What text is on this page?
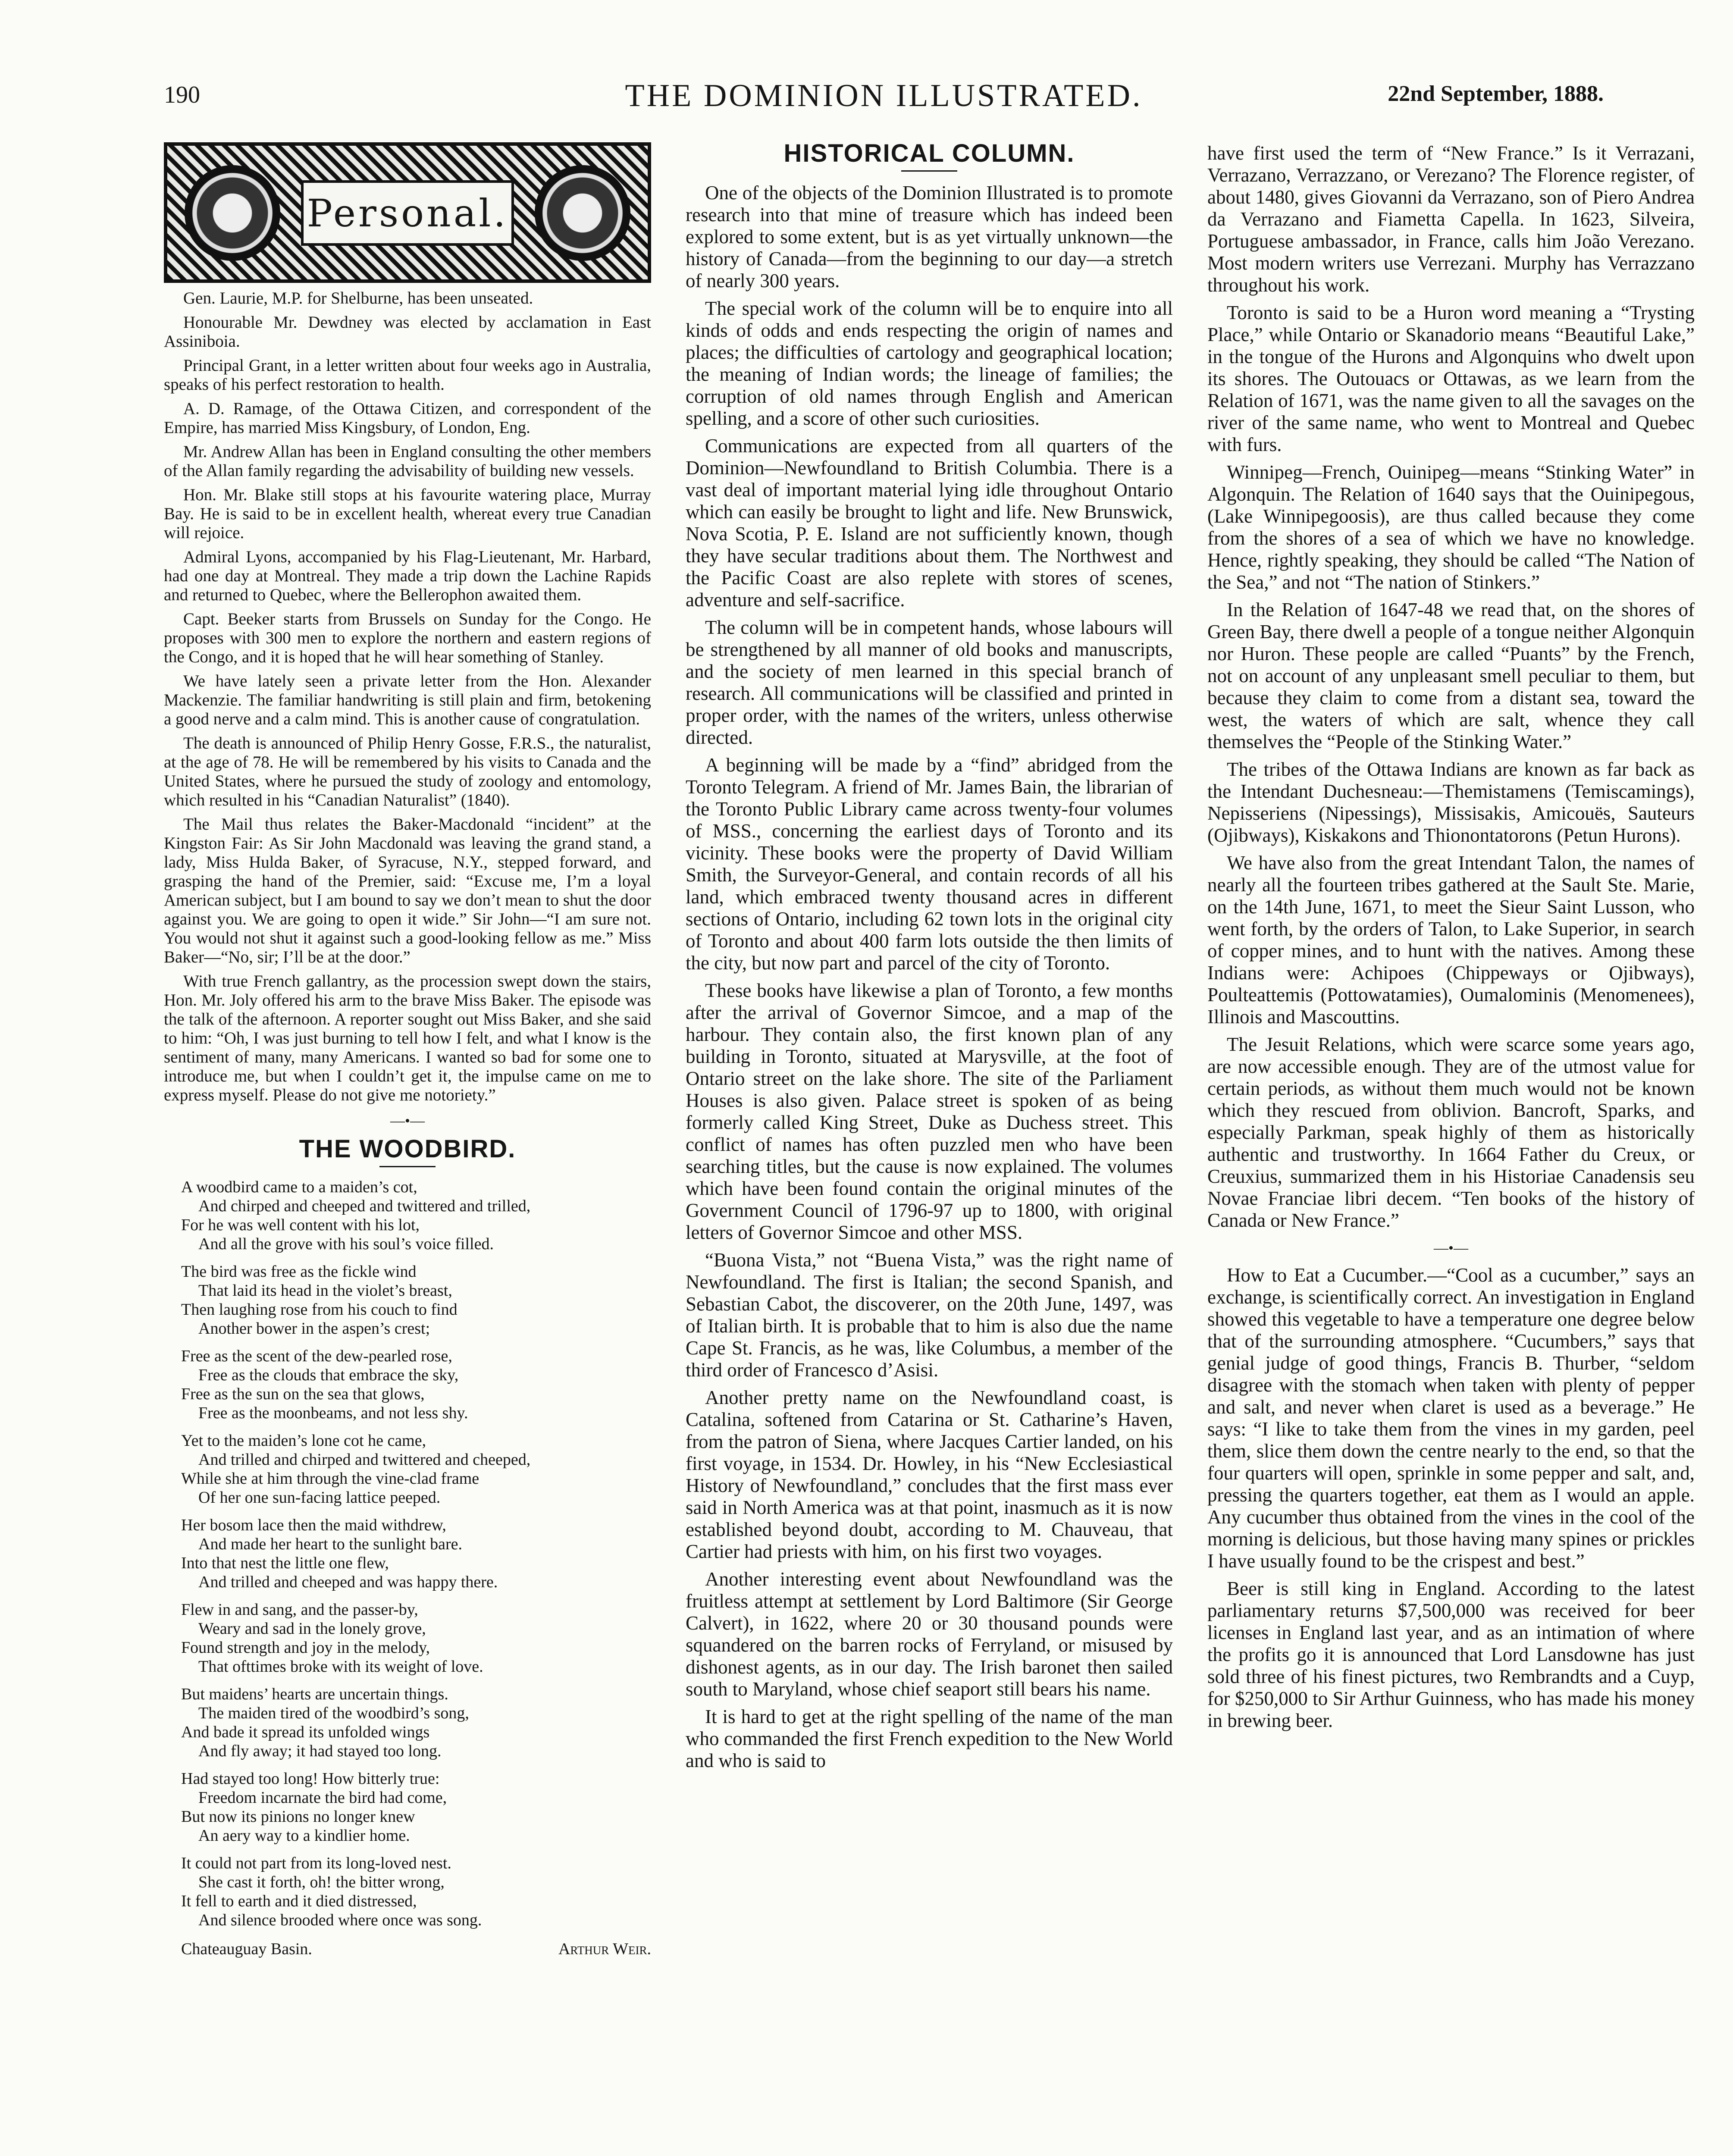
190	THE DOMINION ILLUSTRATED.	22nd September, 1888.
Personal.

Gen. Laurie, M.P. for Shelburne, has been unseated.

Honourable Mr. Dewdney was elected by acclamation in East Assiniboia.

Principal Grant, in a letter written about four weeks ago in Australia, speaks of his perfect restoration to health.

A. D. Ramage, of the Ottawa Citizen, and correspondent of the Empire, has married Miss Kingsbury, of London, Eng.

Mr. Andrew Allan has been in England consulting the other members of the Allan family regarding the advisability of building new vessels.

Hon. Mr. Blake still stops at his favourite watering place, Murray Bay. He is said to be in excellent health, whereat every true Canadian will rejoice.

Admiral Lyons, accompanied by his Flag-Lieutenant, Mr. Harbard, had one day at Montreal. They made a trip down the Lachine Rapids and returned to Quebec, where the Bellerophon awaited them.

Capt. Beeker starts from Brussels on Sunday for the Congo. He proposes with 300 men to explore the northern and eastern regions of the Congo, and it is hoped that he will hear something of Stanley.

We have lately seen a private letter from the Hon. Alexander Mackenzie. The familiar handwriting is still plain and firm, betokening a good nerve and a calm mind. This is another cause of congratulation.

The death is announced of Philip Henry Gosse, F.R.S., the naturalist, at the age of 78. He will be remembered by his visits to Canada and the United States, where he pursued the study of zoology and entomology, which resulted in his “Canadian Naturalist” (1840).

The Mail thus relates the Baker-Macdonald “incident” at the Kingston Fair: As Sir John Macdonald was leaving the grand stand, a lady, Miss Hulda Baker, of Syracuse, N.Y., stepped forward, and grasping the hand of the Premier, said: “Excuse me, I’m a loyal American subject, but I am bound to say we don’t mean to shut the door against you. We are going to open it wide.” Sir John—“I am sure not. You would not shut it against such a good-looking fellow as me.” Miss Baker—“No, sir; I’ll be at the door.”

With true French gallantry, as the procession swept down the stairs, Hon. Mr. Joly offered his arm to the brave Miss Baker. The episode was the talk of the afternoon. A reporter sought out Miss Baker, and she said to him: “Oh, I was just burning to tell how I felt, and what I know is the sentiment of many, many Americans. I wanted so bad for some one to introduce me, but when I couldn’t get it, the impulse came on me to express myself. Please do not give me notoriety.”

—•—
THE WOODBIRD.
A woodbird came to a maiden’s cot,
And chirped and cheeped and twittered and trilled,
For he was well content with his lot,
And all the grove with his soul’s voice filled.
The bird was free as the fickle wind
That laid its head in the violet’s breast,
Then laughing rose from his couch to find
Another bower in the aspen’s crest;
Free as the scent of the dew-pearled rose,
Free as the clouds that embrace the sky,
Free as the sun on the sea that glows,
Free as the moonbeams, and not less shy.
Yet to the maiden’s lone cot he came,
And trilled and chirped and twittered and cheeped,
While she at him through the vine-clad frame
Of her one sun-facing lattice peeped.
Her bosom lace then the maid withdrew,
And made her heart to the sunlight bare.
Into that nest the little one flew,
And trilled and cheeped and was happy there.
Flew in and sang, and the passer-by,
Weary and sad in the lonely grove,
Found strength and joy in the melody,
That ofttimes broke with its weight of love.
But maidens’ hearts are uncertain things.
The maiden tired of the woodbird’s song,
And bade it spread its unfolded wings
And fly away; it had stayed too long.
Had stayed too long! How bitterly true:
Freedom incarnate the bird had come,
But now its pinions no longer knew
An aery way to a kindlier home.
It could not part from its long-loved nest.
She cast it forth, oh! the bitter wrong,
It fell to earth and it died distressed,
And silence brooded where once was song.
Chateauguay Basin.	Arthur Weir.
HISTORICAL COLUMN.

One of the objects of the Dominion Illustrated is to promote research into that mine of treasure which has indeed been explored to some extent, but is as yet virtually unknown—the history of Canada—from the beginning to our day—a stretch of nearly 300 years.

The special work of the column will be to enquire into all kinds of odds and ends respecting the origin of names and places; the difficulties of cartology and geographical location; the meaning of Indian words; the lineage of families; the corruption of old names through English and American spelling, and a score of other such curiosities.

Communications are expected from all quarters of the Dominion—Newfoundland to British Columbia. There is a vast deal of important material lying idle throughout Ontario which can easily be brought to light and life. New Brunswick, Nova Scotia, P. E. Island are not sufficiently known, though they have secular traditions about them. The Northwest and the Pacific Coast are also replete with stores of scenes, adventure and self-sacrifice.

The column will be in competent hands, whose labours will be strengthened by all manner of old books and manuscripts, and the society of men learned in this special branch of research. All communications will be classified and printed in proper order, with the names of the writers, unless otherwise directed.

A beginning will be made by a “find” abridged from the Toronto Telegram. A friend of Mr. James Bain, the librarian of the Toronto Public Library came across twenty-four volumes of MSS., concerning the earliest days of Toronto and its vicinity. These books were the property of David William Smith, the Surveyor-General, and contain records of all his land, which embraced twenty thousand acres in different sections of Ontario, including 62 town lots in the original city of Toronto and about 400 farm lots outside the then limits of the city, but now part and parcel of the city of Toronto.

These books have likewise a plan of Toronto, a few months after the arrival of Governor Simcoe, and a map of the harbour. They contain also, the first known plan of any building in Toronto, situated at Marysville, at the foot of Ontario street on the lake shore. The site of the Parliament Houses is also given. Palace street is spoken of as being formerly called King Street, Duke as Duchess street. This conflict of names has often puzzled men who have been searching titles, but the cause is now explained. The volumes which have been found contain the original minutes of the Government Council of 1796-97 up to 1800, with original letters of Governor Simcoe and other MSS.

“Buona Vista,” not “Buena Vista,” was the right name of Newfoundland. The first is Italian; the second Spanish, and Sebastian Cabot, the discoverer, on the 20th June, 1497, was of Italian birth. It is probable that to him is also due the name Cape St. Francis, as he was, like Columbus, a member of the third order of Francesco d’Asisi.

Another pretty name on the Newfoundland coast, is Catalina, softened from Catarina or St. Catharine’s Haven, from the patron of Siena, where Jacques Cartier landed, on his first voyage, in 1534. Dr. Howley, in his “New Ecclesiastical History of Newfoundland,” concludes that the first mass ever said in North America was at that point, inasmuch as it is now established beyond doubt, according to M. Chauveau, that Cartier had priests with him, on his first two voyages.

Another interesting event about Newfoundland was the fruitless attempt at settlement by Lord Baltimore (Sir George Calvert), in 1622, where 20 or 30 thousand pounds were squandered on the barren rocks of Ferryland, or misused by dishonest agents, as in our day. The Irish baronet then sailed south to Maryland, whose chief seaport still bears his name.

It is hard to get at the right spelling of the name of the man who commanded the first French expedition to the New World and who is said to

have first used the term of “New France.” Is it Verrazani, Verrazano, Verrazzano, or Verezano? The Florence register, of about 1480, gives Giovanni da Verrazano, son of Piero Andrea da Verrazano and Fiametta Capella. In 1623, Silveira, Portuguese ambassador, in France, calls him João Verezano. Most modern writers use Verrezani. Murphy has Verrazzano throughout his work.

Toronto is said to be a Huron word meaning a “Trysting Place,” while Ontario or Skanadorio means “Beautiful Lake,” in the tongue of the Hurons and Algonquins who dwelt upon its shores. The Outouacs or Ottawas, as we learn from the Relation of 1671, was the name given to all the savages on the river of the same name, who went to Montreal and Quebec with furs.

Winnipeg—French, Ouinipeg—means “Stinking Water” in Algonquin. The Relation of 1640 says that the Ouinipegous, (Lake Winnipegoosis), are thus called because they come from the shores of a sea of which we have no knowledge. Hence, rightly speaking, they should be called “The Nation of the Sea,” and not “The nation of Stinkers.”

In the Relation of 1647-48 we read that, on the shores of Green Bay, there dwell a people of a tongue neither Algonquin nor Huron. These people are called “Puants” by the French, not on account of any unpleasant smell peculiar to them, but because they claim to come from a distant sea, toward the west, the waters of which are salt, whence they call themselves the “People of the Stinking Water.”

The tribes of the Ottawa Indians are known as far back as the Intendant Duchesneau:—Themistamens (Temiscamings), Nepisseriens (Nipessings), Missisakis, Amicouës, Sauteurs (Ojibways), Kiskakons and Thionontatorons (Petun Hurons).

We have also from the great Intendant Talon, the names of nearly all the fourteen tribes gathered at the Sault Ste. Marie, on the 14th June, 1671, to meet the Sieur Saint Lusson, who went forth, by the orders of Talon, to Lake Superior, in search of copper mines, and to hunt with the natives. Among these Indians were: Achipoes (Chippeways or Ojibways), Poulteattemis (Pottowatamies), Oumalominis (Menomenees), Illinois and Mascouttins.

The Jesuit Relations, which were scarce some years ago, are now accessible enough. They are of the utmost value for certain periods, as without them much would not be known which they rescued from oblivion. Bancroft, Sparks, and especially Parkman, speak highly of them as historically authentic and trustworthy. In 1664 Father du Creux, or Creuxius, summarized them in his Historiae Canadensis seu Novae Franciae libri decem. “Ten books of the history of Canada or New France.”

—•—

How to Eat a Cucumber.—“Cool as a cucumber,” says an exchange, is scientifically correct. An investigation in England showed this vegetable to have a temperature one degree below that of the surrounding atmosphere. “Cucumbers,” says that genial judge of good things, Francis B. Thurber, “seldom disagree with the stomach when taken with plenty of pepper and salt, and never when claret is used as a beverage.” He says: “I like to take them from the vines in my garden, peel them, slice them down the centre nearly to the end, so that the four quarters will open, sprinkle in some pepper and salt, and, pressing the quarters together, eat them as I would an apple. Any cucumber thus obtained from the vines in the cool of the morning is delicious, but those having many spines or prickles I have usually found to be the crispest and best.”

Beer is still king in England. According to the latest parliamentary returns $7,500,000 was received for beer licenses in England last year, and as an intimation of where the profits go it is announced that Lord Lansdowne has just sold three of his finest pictures, two Rembrandts and a Cuyp, for $250,000 to Sir Arthur Guinness, who has made his money in brewing beer.
